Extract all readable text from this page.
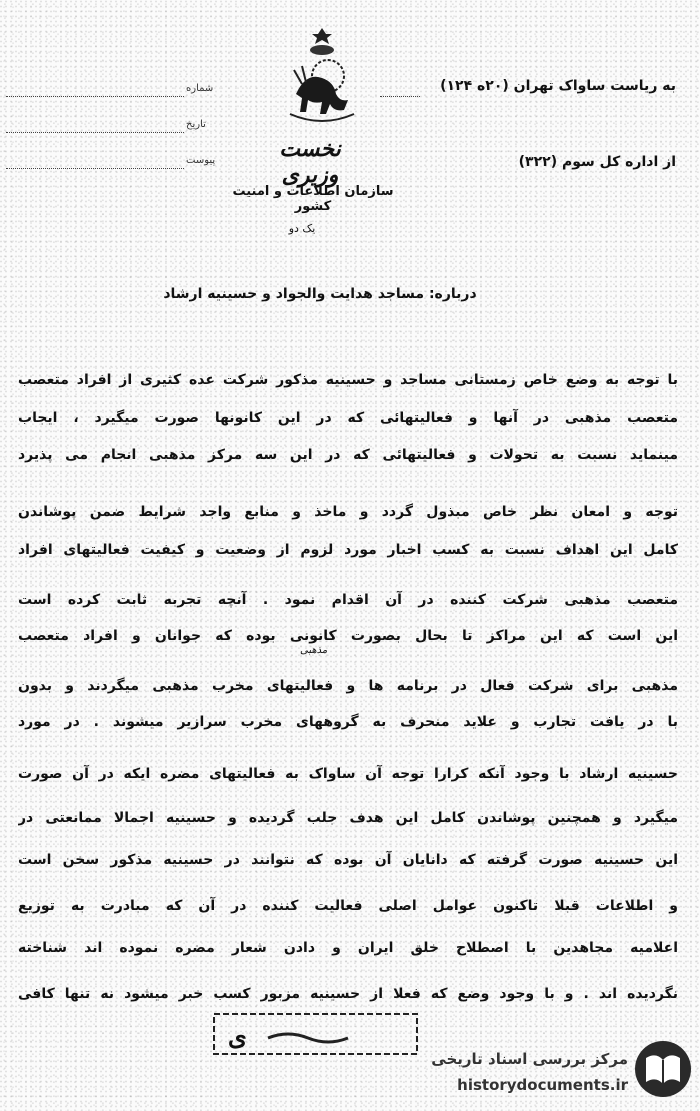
شماره
تاریخ
پیوست
به ریاست ساواک تهران (۲۰ه ۱۲۴)
از اداره کل سوم (۳۲۲)
نخست وزیری
سازمان اطلاعات و امنیت کشور
یک دو
درباره: مساجد هدایت والجواد و حسینیه ارشاد
با توجه به وضع خاص زمستانی مساجد و حسینیه مذکور شرکت عده کثیری از افراد متعصب
متعصب مذهبی در آنها و فعالیتهائی که در این کانونها صورت میگیرد ، ایجاب
مینماید نسبت به تحولات و فعالیتهائی که در این سه مرکز مذهبی انجام می پذیرد
توجه و امعان نظر خاص مبذول گردد و ماخذ و منابع واجد شرایط ضمن پوشاندن
کامل این اهداف نسبت به کسب اخبار مورد لزوم از وضعیت و کیفیت فعالیتهای افراد
متعصب مذهبی شرکت کننده در آن اقدام نمود . آنچه تجربه ثابت کرده است
این است که این مراکز تا بحال بصورت کانونی بوده که جوانان و افراد متعصب
مذهبی
مذهبی برای شرکت فعال در برنامه ها و فعالیتهای مخرب مذهبی میگردند و بدون
با در یافت تجارب و علاید منحرف به گروههای مخرب سرازیر میشوند . در مورد
حسینیه ارشاد با وجود آنکه کرارا توجه آن ساواک به فعالیتهای مضره ایکه در آن صورت
میگیرد و همچنین پوشاندن کامل این هدف جلب گردیده و حسینیه اجمالا ممانعتی در
این حسینیه صورت گرفته که دانایان آن بوده که نتوانند در حسینیه مذکور سخن است
و اطلاعات قبلا تاکنون عوامل اصلی فعالیت کننده در آن که مبادرت به توزیع
اعلامیه مجاهدین با اصطلاح خلق ایران و دادن شعار مضره نموده اند شناخته
نگردیده اند . و با وجود وضع که فعلا از حسینیه مزبور کسب خبر میشود نه تنها کافی
ی
مرکز بررسی اسناد تاریخی
historydocuments.ir
